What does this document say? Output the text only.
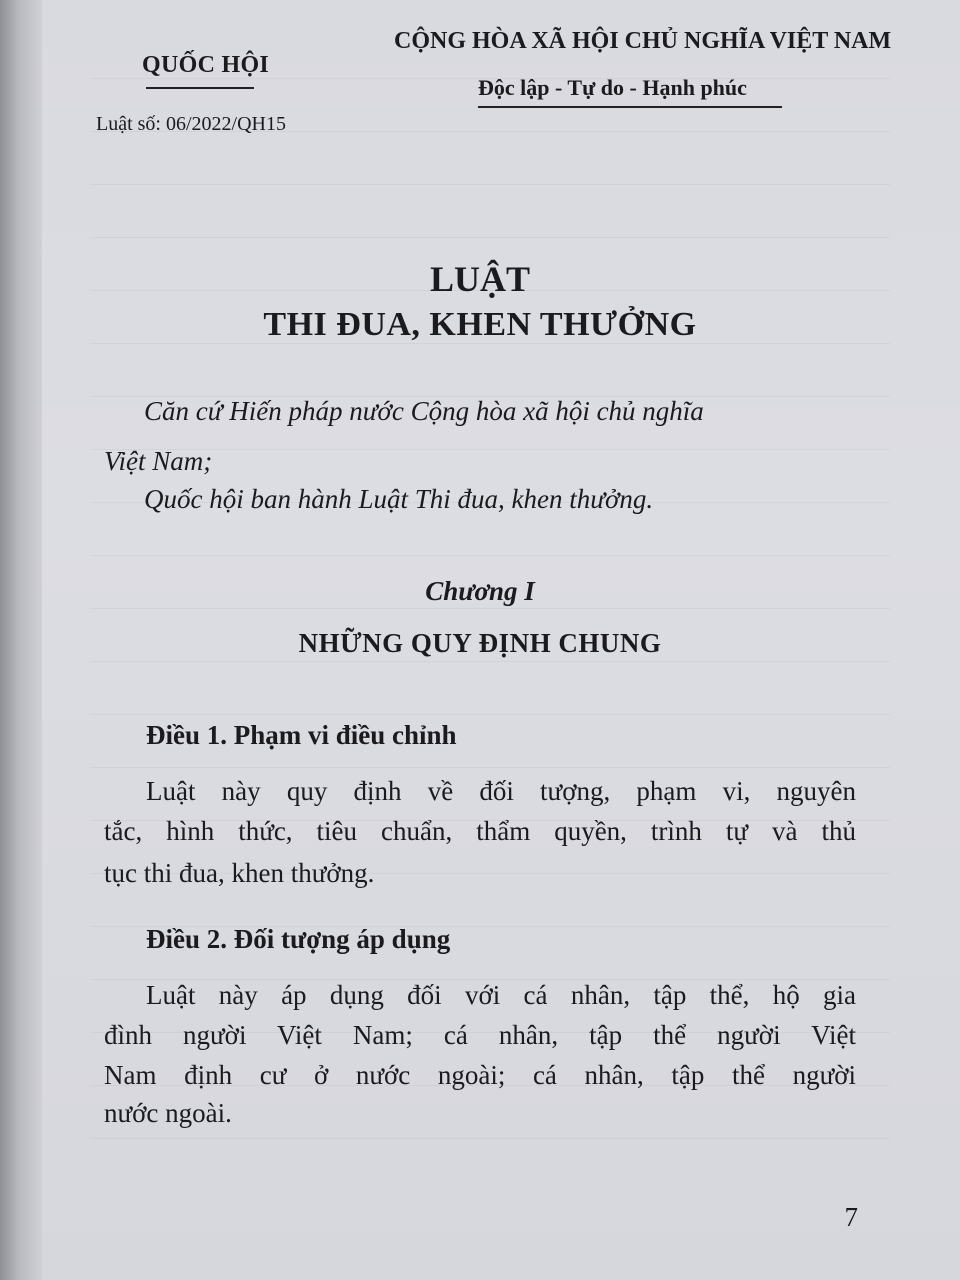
QUỐC HỘI
CỘNG HÒA XÃ HỘI CHỦ NGHĨA VIỆT NAM
Độc lập - Tự do - Hạnh phúc
Luật số: 06/2022/QH15
LUẬT
THI ĐUA, KHEN THƯỞNG
Căn cứ Hiến pháp nước Cộng hòa xã hội chủ nghĩa
Việt Nam;
Quốc hội ban hành Luật Thi đua, khen thưởng.
Chương I
NHỮNG QUY ĐỊNH CHUNG
Điều 1. Phạm vi điều chỉnh
Luật này quy định về đối tượng, phạm vi, nguyên
tắc, hình thức, tiêu chuẩn, thẩm quyền, trình tự và thủ
tục thi đua, khen thưởng.
Điều 2. Đối tượng áp dụng
Luật này áp dụng đối với cá nhân, tập thể, hộ gia
đình người Việt Nam; cá nhân, tập thể người Việt
Nam định cư ở nước ngoài; cá nhân, tập thể người
nước ngoài.
7
